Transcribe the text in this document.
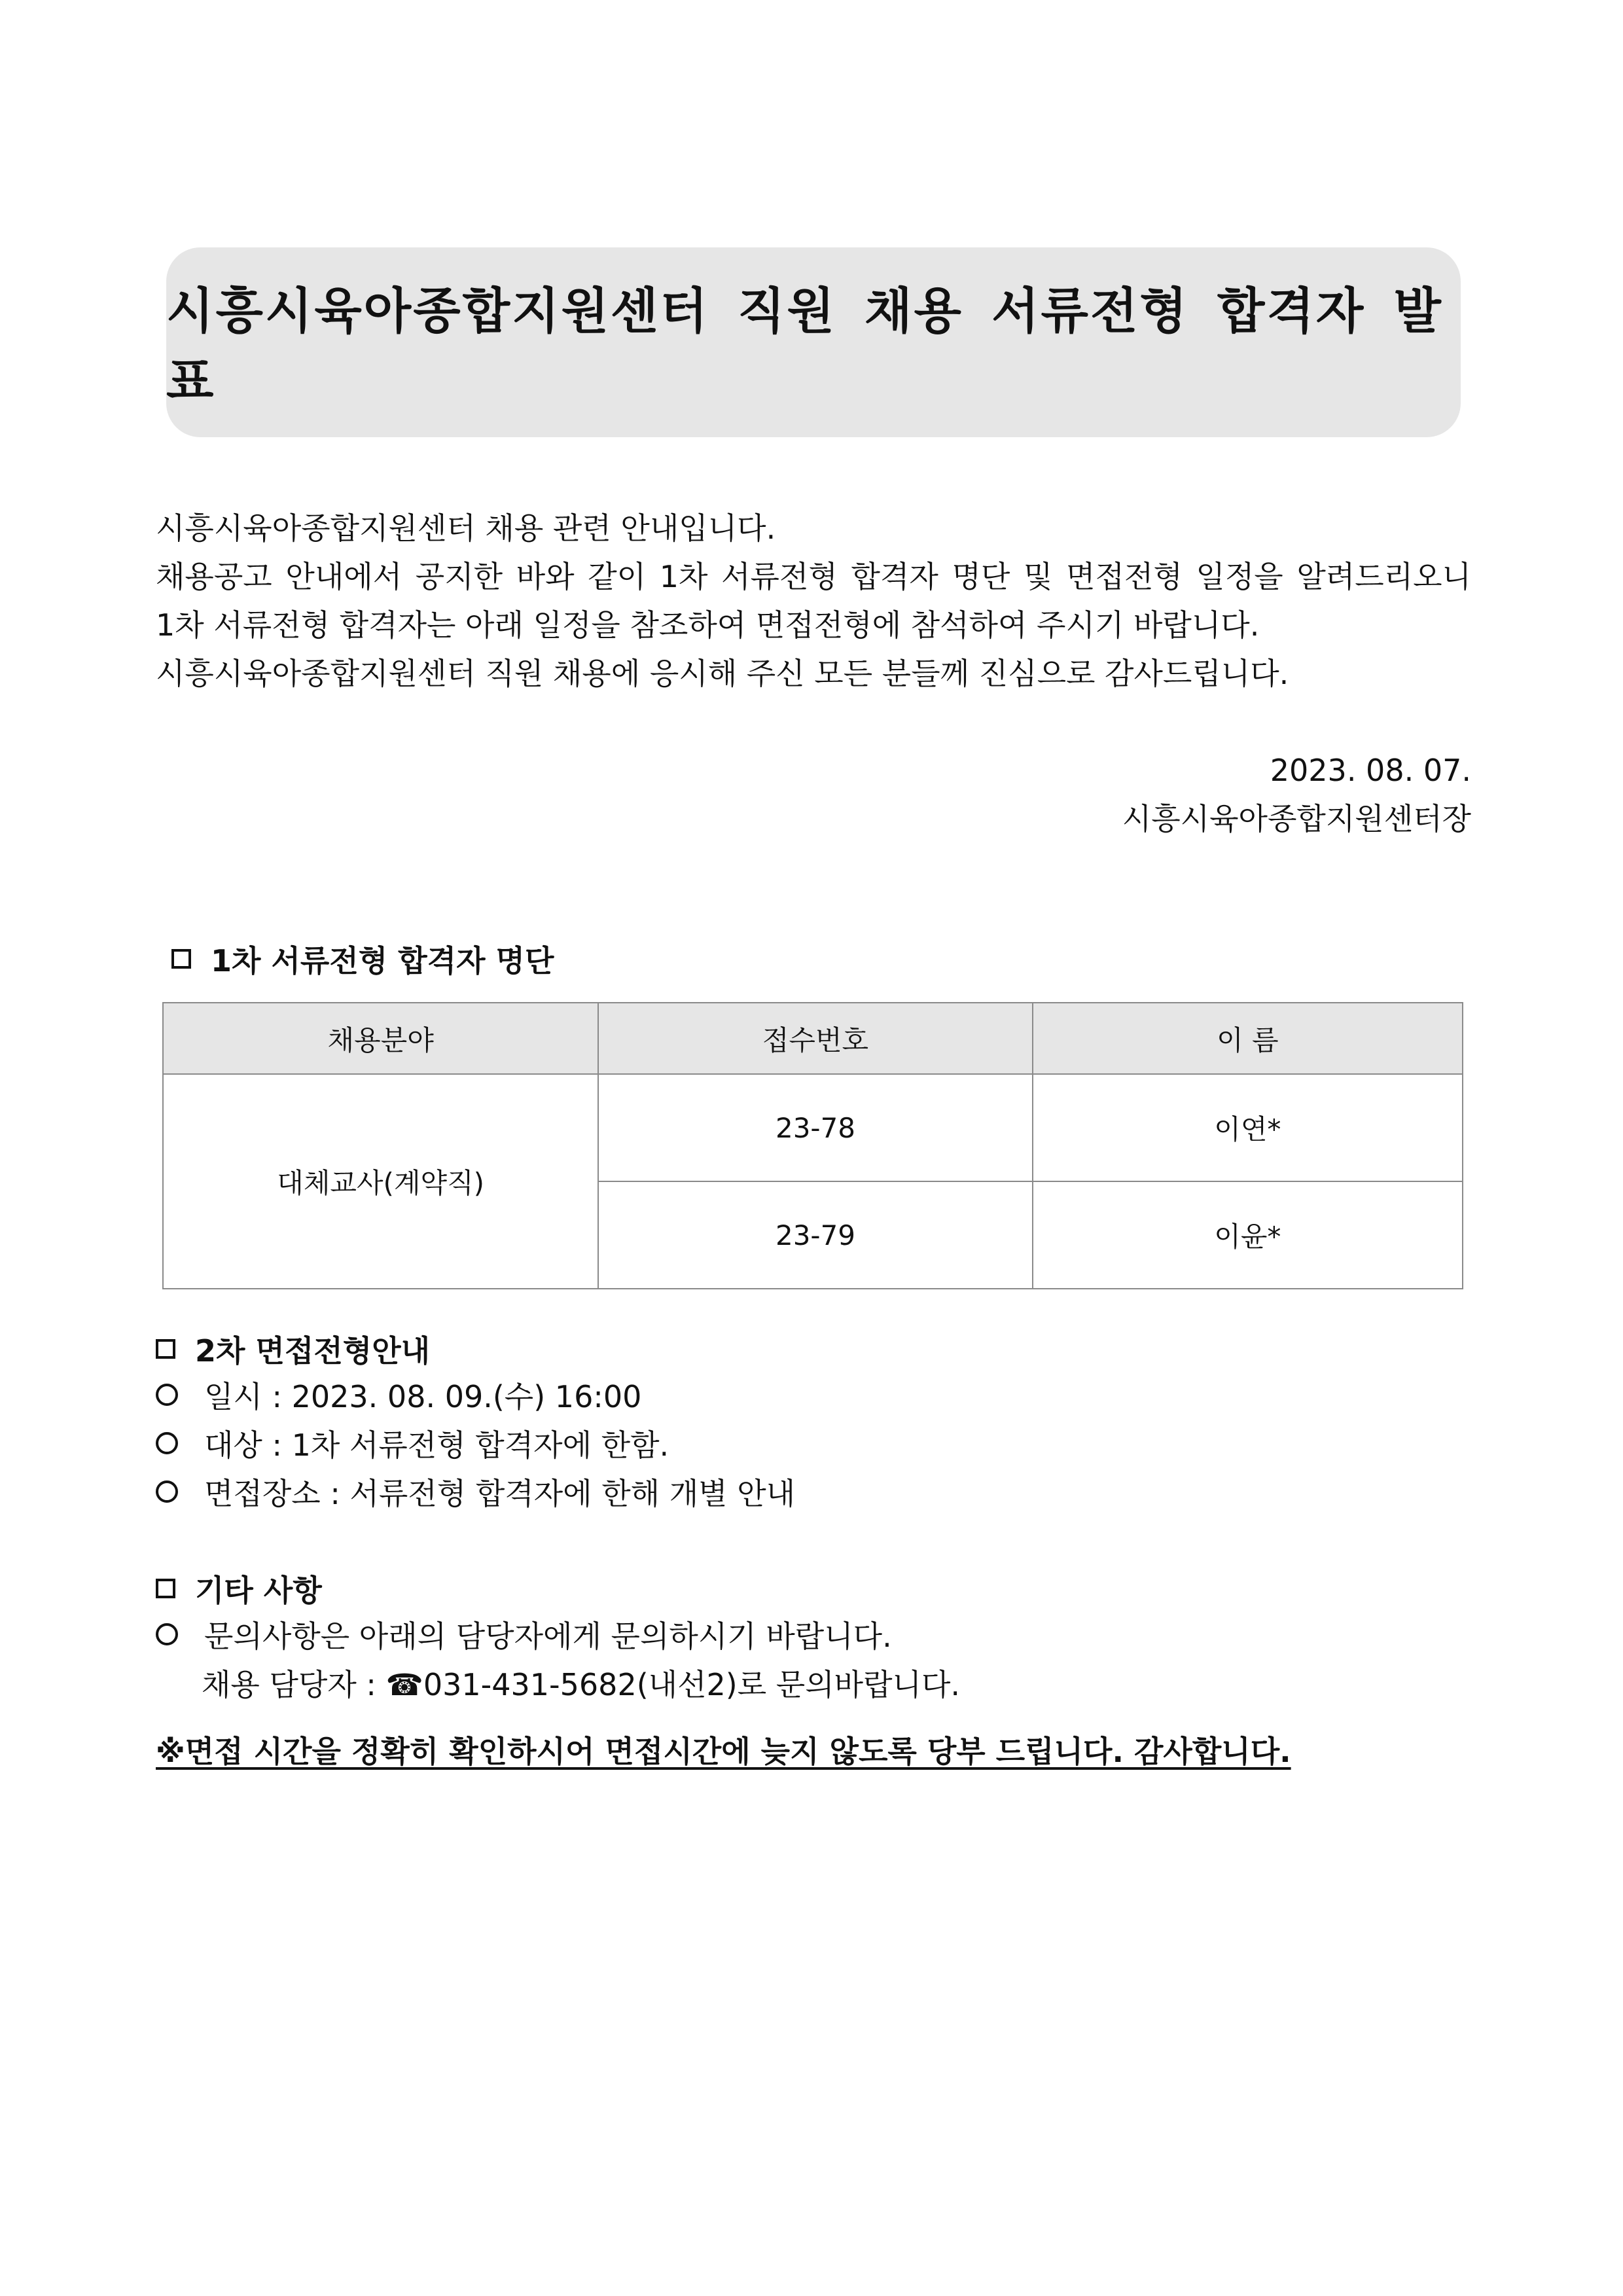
시흥시육아종합지원센터 직원 채용 서류전형 합격자 발표

시흥시육아종합지원센터 채용 관련 안내입니다.

채용공고 안내에서 공지한 바와 같이 1차 서류전형 합격자 명단 및 면접전형 일정을 알려드리오니

1차 서류전형 합격자는 아래 일정을 참조하여 면접전형에 참석하여 주시기 바랍니다.

시흥시육아종합지원센터 직원 채용에 응시해 주신 모든 분들께 진심으로 감사드립니다.

2023. 08. 07.
시흥시육아종합지원센터장
1차 서류전형 합격자 명단
채용분야	접수번호	이 름
대체교사(계약직)	23-78	이연*
	23-79	이윤*
2차 면접전형안내
일시 : 2023. 08. 09.(수) 16:00
대상 : 1차 서류전형 합격자에 한함.
면접장소 : 서류전형 합격자에 한해 개별 안내
기타 사항
문의사항은 아래의 담당자에게 문의하시기 바랍니다.
채용 담당자 : ☎031-431-5682(내선2)로 문의바랍니다.
※면접 시간을 정확히 확인하시어 면접시간에 늦지 않도록 당부 드립니다. 감사합니다.
